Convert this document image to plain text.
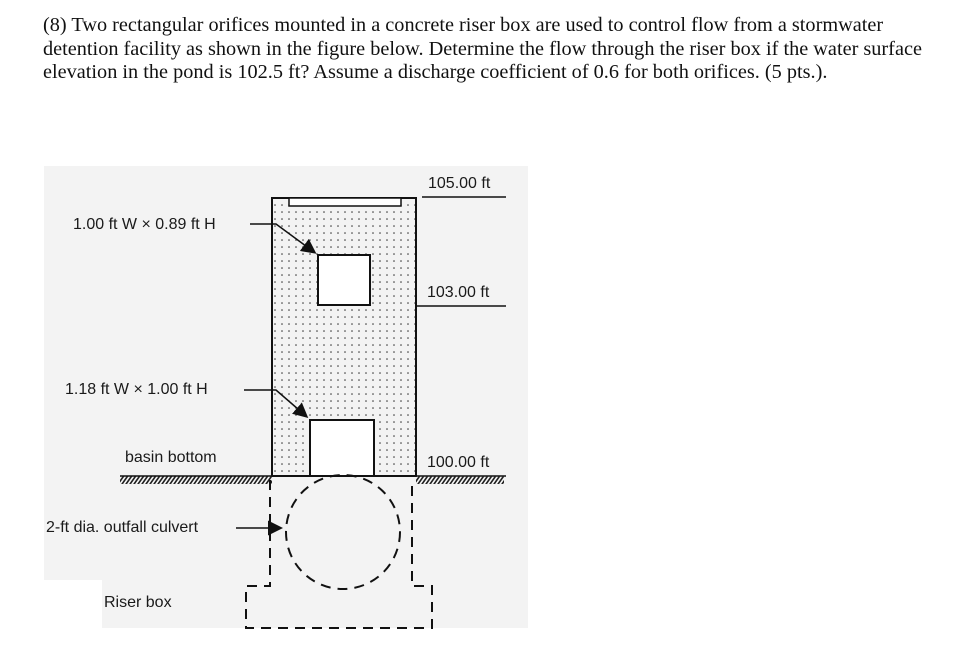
(8) Two rectangular orifices mounted in a concrete riser box are used to control flow from a stormwater detention facility as shown in the figure below. Determine the flow through the riser box if the water surface elevation in the pond is 102.5 ft? Assume a discharge coefficient of 0.6 for both orifices. (5 pts.).
105.00 ft
103.00 ft
100.00 ft
1.00 ft W × 0.89 ft H
1.18 ft W × 1.00 ft H
basin bottom
2-ft dia. outfall culvert
Riser box
